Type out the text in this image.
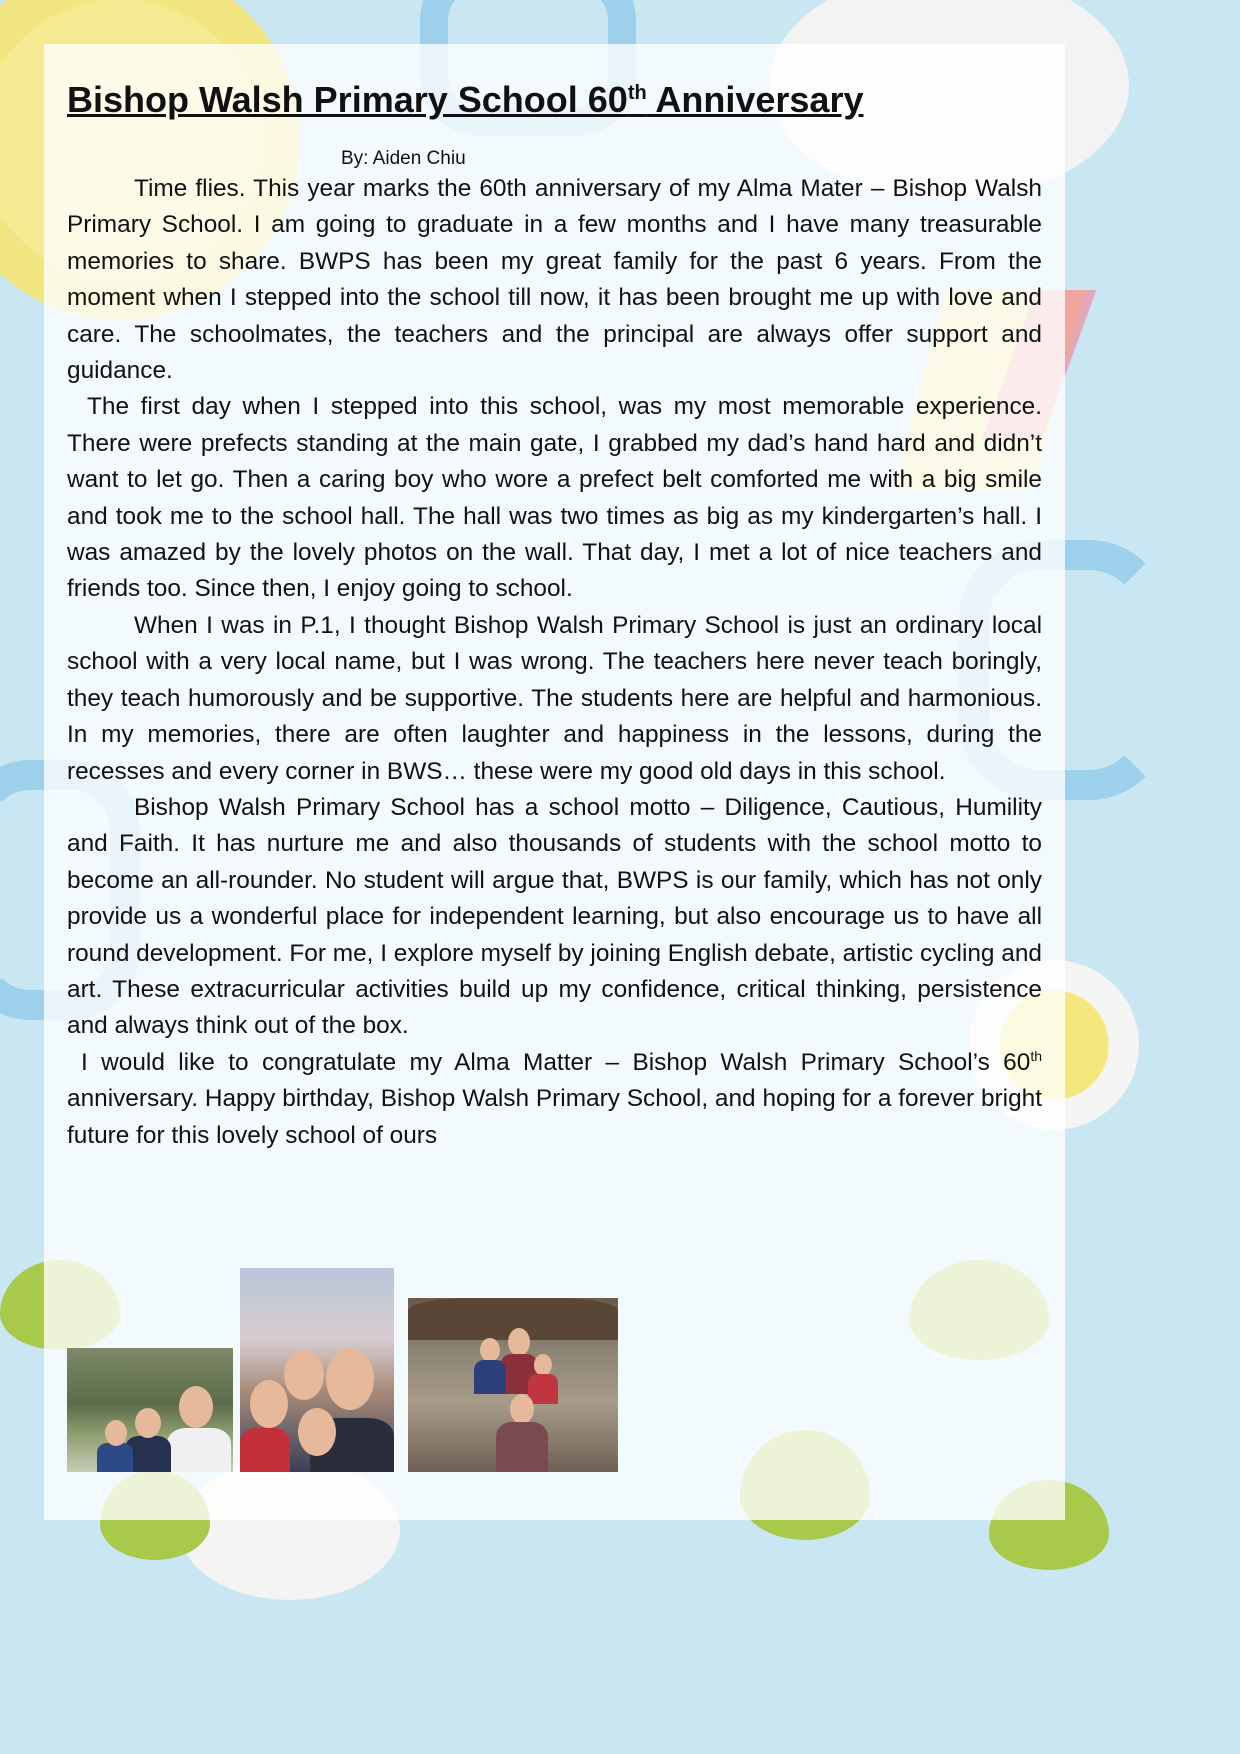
Bishop Walsh Primary School 60th Anniversary
By: Aiden Chiu

Time flies. This year marks the 60th anniversary of my Alma Mater – Bishop Walsh Primary School. I am going to graduate in a few months and I have many treasurable memories to share. BWPS has been my great family for the past 6 years. From the moment when I stepped into the school till now, it has been brought me up with love and care. The schoolmates, the teachers and the principal are always offer support and guidance.

The first day when I stepped into this school, was my most memorable experience. There were prefects standing at the main gate, I grabbed my dad’s hand hard and didn’t want to let go. Then a caring boy who wore a prefect belt comforted me with a big smile and took me to the school hall. The hall was two times as big as my kindergarten’s hall. I was amazed by the lovely photos on the wall. That day, I met a lot of nice teachers and friends too. Since then, I enjoy going to school.

When I was in P.1, I thought Bishop Walsh Primary School is just an ordinary local school with a very local name, but I was wrong. The teachers here never teach boringly, they teach humorously and be supportive. The students here are helpful and harmonious. In my memories, there are often laughter and happiness in the lessons, during the recesses and every corner in BWS… these were my good old days in this school.

Bishop Walsh Primary School has a school motto – Diligence, Cautious, Humility and Faith. It has nurture me and also thousands of students with the school motto to become an all-rounder. No student will argue that, BWPS is our family, which has not only provide us a wonderful place for independent learning, but also encourage us to have all round development. For me, I explore myself by joining English debate, artistic cycling and art. These extracurricular activities build up my confidence, critical thinking, persistence and always think out of the box.

I would like to congratulate my Alma Matter – Bishop Walsh Primary School’s 60th anniversary. Happy birthday, Bishop Walsh Primary School, and hoping for a forever bright future for this lovely school of ours
